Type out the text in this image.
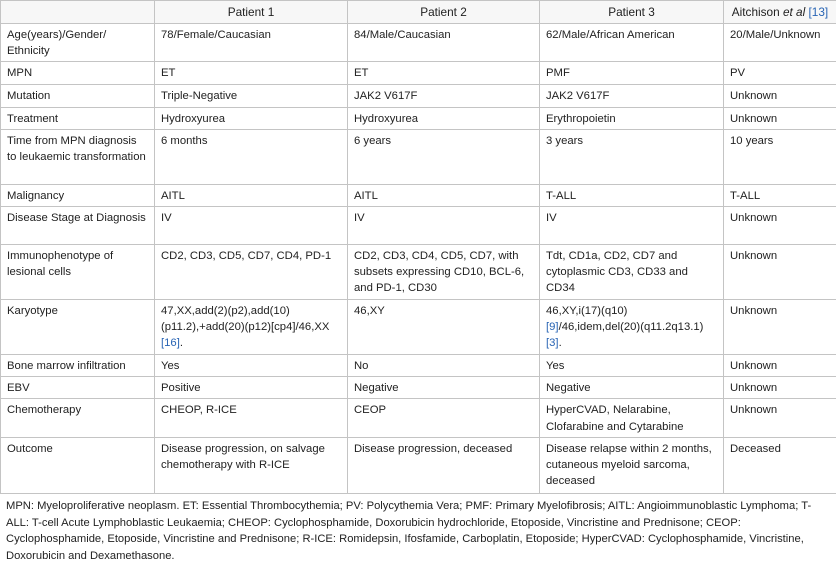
	Patient 1	Patient 2	Patient 3	Aitchison et al [13]
Age(years)/Gender/ Ethnicity	78/Female/Caucasian	84/Male/Caucasian	62/Male/African American	20/Male/Unknown
MPN	ET	ET	PMF	PV
Mutation	Triple-Negative	JAK2 V617F	JAK2 V617F	Unknown
Treatment	Hydroxyurea	Hydroxyurea	Erythropoietin	Unknown
Time from MPN diagnosis to leukaemic transformation	6 months	6 years	3 years	10 years
Malignancy	AITL	AITL	T-ALL	T-ALL
Disease Stage at Diagnosis	IV	IV	IV	Unknown
Immunophenotype of lesional cells	CD2, CD3, CD5, CD7, CD4, PD-1	CD2, CD3, CD4, CD5, CD7, with subsets expressing CD10, BCL-6, and PD-1, CD30	Tdt, CD1a, CD2, CD7 and cytoplasmic CD3, CD33 and CD34	Unknown
Karyotype	47,XX,add(2)(p2),add(10)(p11.2),+add(20)(p12)[cp4]/46,XX [16].	46,XY	46,XY,i(17)(q10)[9]/46,idem,del(20)(q11.2q13.1) [3].	Unknown
Bone marrow infiltration	Yes	No	Yes	Unknown
EBV	Positive	Negative	Negative	Unknown
Chemotherapy	CHEOP, R-ICE	CEOP	HyperCVAD, Nelarabine, Clofarabine and Cytarabine	Unknown
Outcome	Disease progression, on salvage chemotherapy with R-ICE	Disease progression, deceased	Disease relapse within 2 months, cutaneous myeloid sarcoma, deceased	Deceased
MPN: Myeloproliferative neoplasm. ET: Essential Thrombocythemia; PV: Polycythemia Vera; PMF: Primary Myelofibrosis; AITL: Angioimmunoblastic Lymphoma; T-ALL: T-cell Acute Lymphoblastic Leukaemia; CHEOP: Cyclophosphamide, Doxorubicin hydrochloride, Etoposide, Vincristine and Prednisone; CEOP: Cyclophosphamide, Etoposide, Vincristine and Prednisone; R-ICE: Romidepsin, Ifosfamide, Carboplatin, Etoposide; HyperCVAD: Cyclophosphamide, Vincristine, Doxorubicin and Dexamethasone.
